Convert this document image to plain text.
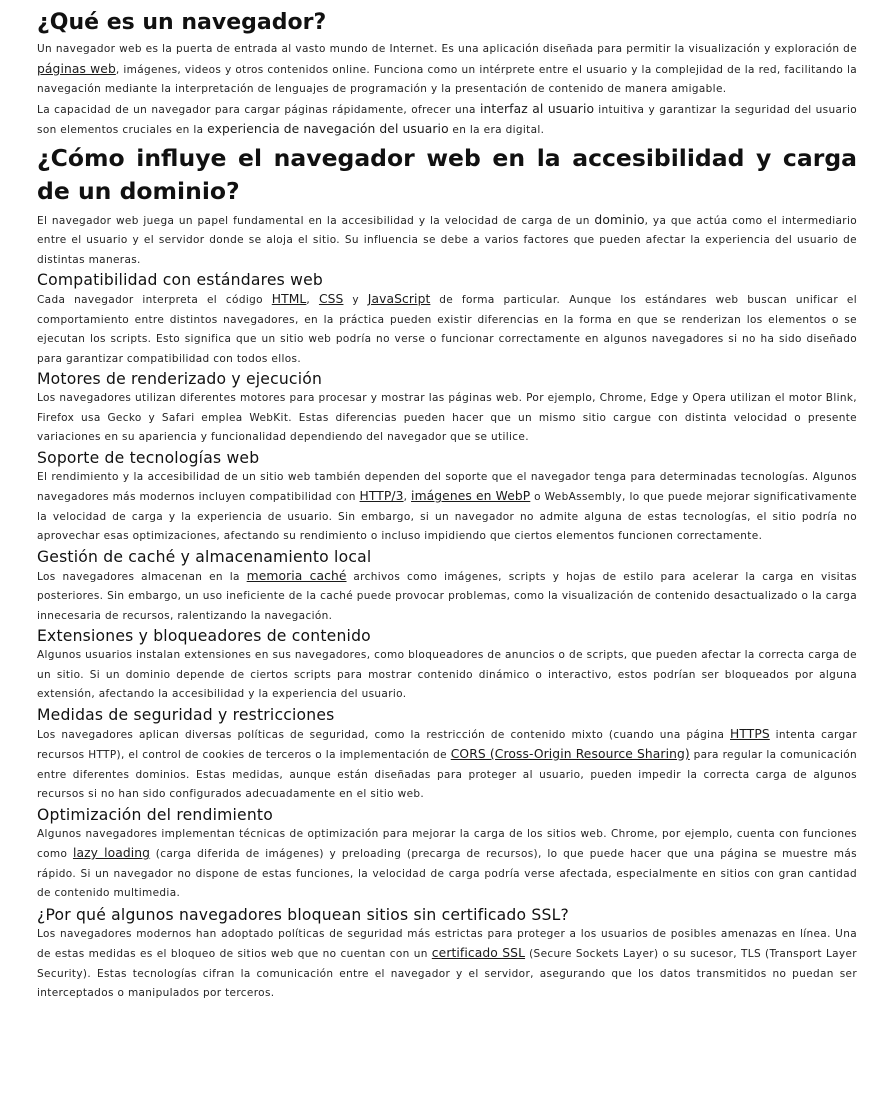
¿Qué es un navegador?

Un navegador web es la puerta de entrada al vasto mundo de Internet. Es una aplicación diseñada para permitir la visualización y exploración de páginas web, imágenes, videos y otros contenidos online. Funciona como un intérprete entre el usuario y la complejidad de la red, facilitando la navegación mediante la interpretación de lenguajes de programación y la presentación de contenido de manera amigable.

La capacidad de un navegador para cargar páginas rápidamente, ofrecer una interfaz al usuario intuitiva y garantizar la seguridad del usuario son elementos cruciales en la experiencia de navegación del usuario en la era digital.

¿Cómo influye el navegador web en la accesibilidad y carga de un dominio?

El navegador web juega un papel fundamental en la accesibilidad y la velocidad de carga de un dominio, ya que actúa como el intermediario entre el usuario y el servidor donde se aloja el sitio. Su influencia se debe a varios factores que pueden afectar la experiencia del usuario de distintas maneras.

Compatibilidad con estándares web

Cada navegador interpreta el código HTML, CSS y JavaScript de forma particular. Aunque los estándares web buscan unificar el comportamiento entre distintos navegadores, en la práctica pueden existir diferencias en la forma en que se renderizan los elementos o se ejecutan los scripts. Esto significa que un sitio web podría no verse o funcionar correctamente en algunos navegadores si no ha sido diseñado para garantizar compatibilidad con todos ellos.

Motores de renderizado y ejecución

Los navegadores utilizan diferentes motores para procesar y mostrar las páginas web. Por ejemplo, Chrome, Edge y Opera utilizan el motor Blink, Firefox usa Gecko y Safari emplea WebKit. Estas diferencias pueden hacer que un mismo sitio cargue con distinta velocidad o presente variaciones en su apariencia y funcionalidad dependiendo del navegador que se utilice.

Soporte de tecnologías web

El rendimiento y la accesibilidad de un sitio web también dependen del soporte que el navegador tenga para determinadas tecnologías. Algunos navegadores más modernos incluyen compatibilidad con HTTP/3, imágenes en WebP o WebAssembly, lo que puede mejorar significativamente la velocidad de carga y la experiencia de usuario. Sin embargo, si un navegador no admite alguna de estas tecnologías, el sitio podría no aprovechar esas optimizaciones, afectando su rendimiento o incluso impidiendo que ciertos elementos funcionen correctamente.

Gestión de caché y almacenamiento local

Los navegadores almacenan en la memoria caché archivos como imágenes, scripts y hojas de estilo para acelerar la carga en visitas posteriores. Sin embargo, un uso ineficiente de la caché puede provocar problemas, como la visualización de contenido desactualizado o la carga innecesaria de recursos, ralentizando la navegación.

Extensiones y bloqueadores de contenido

Algunos usuarios instalan extensiones en sus navegadores, como bloqueadores de anuncios o de scripts, que pueden afectar la correcta carga de un sitio. Si un dominio depende de ciertos scripts para mostrar contenido dinámico o interactivo, estos podrían ser bloqueados por alguna extensión, afectando la accesibilidad y la experiencia del usuario.

Medidas de seguridad y restricciones

Los navegadores aplican diversas políticas de seguridad, como la restricción de contenido mixto (cuando una página HTTPS intenta cargar recursos HTTP), el control de cookies de terceros o la implementación de CORS (Cross-Origin Resource Sharing) para regular la comunicación entre diferentes dominios. Estas medidas, aunque están diseñadas para proteger al usuario, pueden impedir la correcta carga de algunos recursos si no han sido configurados adecuadamente en el sitio web.

Optimización del rendimiento

Algunos navegadores implementan técnicas de optimización para mejorar la carga de los sitios web. Chrome, por ejemplo, cuenta con funciones como lazy loading (carga diferida de imágenes) y preloading (precarga de recursos), lo que puede hacer que una página se muestre más rápido. Si un navegador no dispone de estas funciones, la velocidad de carga podría verse afectada, especialmente en sitios con gran cantidad de contenido multimedia.

¿Por qué algunos navegadores bloquean sitios sin certificado SSL?

Los navegadores modernos han adoptado políticas de seguridad más estrictas para proteger a los usuarios de posibles amenazas en línea. Una de estas medidas es el bloqueo de sitios web que no cuentan con un certificado SSL (Secure Sockets Layer) o su sucesor, TLS (Transport Layer Security). Estas tecnologías cifran la comunicación entre el navegador y el servidor, asegurando que los datos transmitidos no puedan ser interceptados o manipulados por terceros.
